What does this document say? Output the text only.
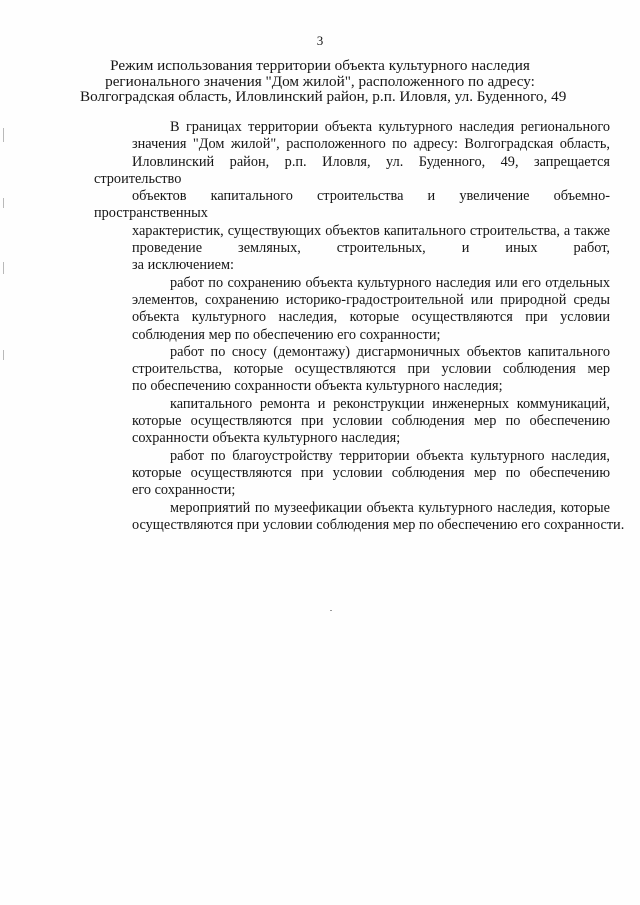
3
Режим использования территории объекта культурного наследия
регионального значения "Дом жилой", расположенного по адресу:
Волгоградская область, Иловлинский район, р.п. Иловля, ул. Буденного, 49
В границах территории объекта культурного наследия регионального
значения "Дом жилой", расположенного по адресу: Волгоградская область,
Иловлинский район, р.п. Иловля, ул. Буденного, 49, запрещается строительство
объектов капитального строительства и увеличение объемно-пространственных
характеристик, существующих объектов капитального строительства, а также
проведение земляных, строительных, и иных работ,
за исключением:
работ по сохранению объекта культурного наследия или его отдельных
элементов, сохранению историко-градостроительной или природной среды
объекта культурного наследия, которые осуществляются при условии
соблюдения мер по обеспечению его сохранности;
работ по сносу (демонтажу) дисгармоничных объектов капитального
строительства, которые осуществляются при условии соблюдения мер
по обеспечению сохранности объекта культурного наследия;
капитального ремонта и реконструкции инженерных коммуникаций,
которые осуществляются при условии соблюдения мер по обеспечению
сохранности объекта культурного наследия;
работ по благоустройству территории объекта культурного наследия,
которые осуществляются при условии соблюдения мер по обеспечению
его сохранности;
мероприятий по музеефикации объекта культурного наследия, которые
осуществляются при условии соблюдения мер по обеспечению его сохранности.
